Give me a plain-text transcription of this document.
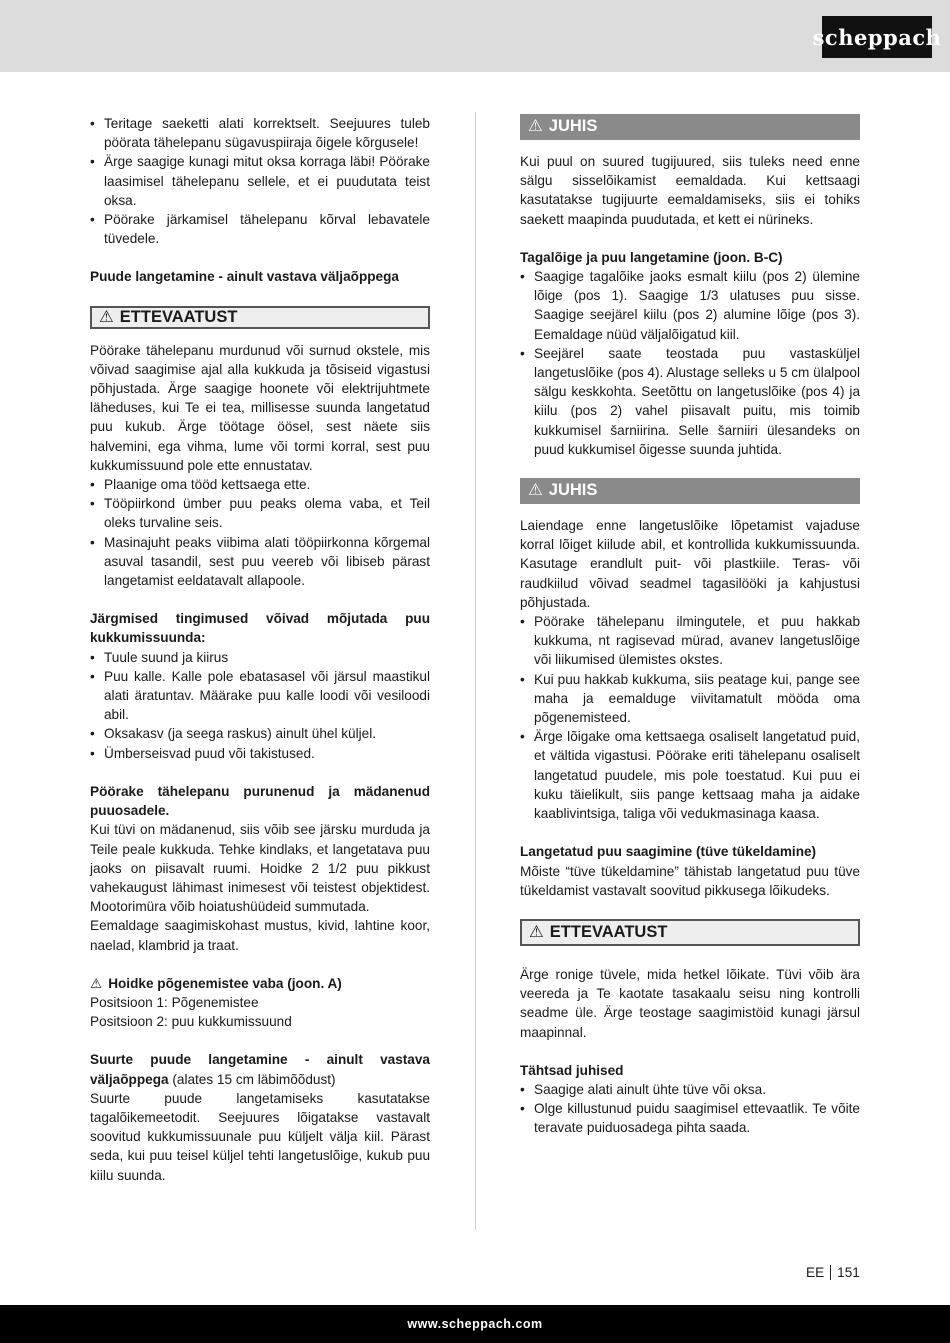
scheppach
• Teritage saeketti alati korrektselt. Seejuures tuleb pöörata tähelepanu sügavuspiiraja õigele kõrgusele!
• Ärge saagige kunagi mitut oksa korraga läbi! Pöörake laasimisel tähelepanu sellele, et ei puudutata teist oksa.
• Pöörake järkamisel tähelepanu kõrval lebavatele tüvedele.

Puude langetamine - ainult vastava väljaõppega

⚠ ETTEVAATUST

Pöörake tähelepanu murdunud või surnud okstele, mis võivad saagimise ajal alla kukkuda ja tõsiseid vigastusi põhjustada. Ärge saagige hoonete või elektrijuhtmete läheduses, kui Te ei tea, millisesse suunda langetatud puu kukub. Ärge töötage öösel, sest näete siis halvemini, ega vihma, lume või tormi korral, sest puu kukkumissuund pole ette ennustatav.

• Plaanige oma tööd kettsaega ette.
• Tööpiirkond ümber puu peaks olema vaba, et Teil oleks turvaline seis.
• Masinajuht peaks viibima alati tööpiirkonna kõrgemal asuval tasandil, sest puu veereb või libiseb pärast langetamist eeldatavalt allapoole.

Järgmised tingimused võivad mõjutada puu kukkumissuunda:

• Tuule suund ja kiirus
• Puu kalle. Kalle pole ebatasasel või järsul maastikul alati äratuntav. Määrake puu kalle loodi või vesiloodi abil.
• Oksakasv (ja seega raskus) ainult ühel küljel.
• Ümberseisvad puud või takistused.

Pöörake tähelepanu purunenud ja mädanenud puuosadele.

Kui tüvi on mädanenud, siis võib see järsku murduda ja Teile peale kukkuda. Tehke kindlaks, et langetatava puu jaoks on piisavalt ruumi. Hoidke 2 1/2 puu pikkust vahekaugust lähimast inimesest või teistest objektidest. Mootorimüra võib hoiatushüüdeid summutada.

Eemaldage saagimiskohast mustus, kivid, lahtine koor, naelad, klambrid ja traat.

⚠ Hoidke põgenemistee vaba (joon. A)

Positsioon 1: Põgenemistee

Positsioon 2: puu kukkumissuund

Suurte puude langetamine - ainult vastava väljaõppega (alates 15 cm läbimõõdust)

Suurte puude langetamiseks kasutatakse tagalõikemeetodit. Seejuures lõigatakse vastavalt soovitud kukkumissuunale puu küljelt välja kiil. Pärast seda, kui puu teisel küljel tehti langetuslõige, kukub puu kiilu suunda.

⚠ JUHIS

Kui puul on suured tugijuured, siis tuleks need enne sälgu sisselõikamist eemaldada. Kui kettsaagi kasutatakse tugijuurte eemaldamiseks, siis ei tohiks saekett maapinda puudutada, et kett ei nürineks.

Tagalõige ja puu langetamine (joon. B-C)

• Saagige tagalõike jaoks esmalt kiilu (pos 2) ülemine lõige (pos 1). Saagige 1/3 ulatuses puu sisse. Saagige seejärel kiilu (pos 2) alumine lõige (pos 3). Eemaldage nüüd väljalõigatud kiil.
• Seejärel saate teostada puu vastasküljel langetuslõike (pos 4). Alustage selleks u 5 cm ülalpool sälgu keskkohta. Seetõttu on langetuslõike (pos 4) ja kiilu (pos 2) vahel piisavalt puitu, mis toimib kukkumisel šarniirina. Selle šarniiri ülesandeks on puud kukkumisel õigesse suunda juhtida.
⚠ JUHIS

Laiendage enne langetuslõike lõpetamist vajaduse korral lõiget kiilude abil, et kontrollida kukkumissuunda. Kasutage erandlult puit- või plastkiile. Teras- või raudkiilud võivad seadmel tagasilööki ja kahjustusi põhjustada.

• Pöörake tähelepanu ilmingutele, et puu hakkab kukkuma, nt ragisevad mürad, avanev langetuslõige või liikumised ülemistes okstes.
• Kui puu hakkab kukkuma, siis peatage kui, pange see maha ja eemalduge viivitamatult mööda oma põgenemisteed.
• Ärge lõigake oma kettsaega osaliselt langetatud puid, et vältida vigastusi. Pöörake eriti tähelepanu osaliselt langetatud puudele, mis pole toestatud. Kui puu ei kuku täielikult, siis pange kettsaag maha ja aidake kaablivintsiga, taliga või vedukmasinaga kaasa.

Langetatud puu saagimine (tüve tükeldamine)

Mõiste “tüve tükeldamine” tähistab langetatud puu tüve tükeldamist vastavalt soovitud pikkusega lõikudeks.

⚠ ETTEVAATUST

Ärge ronige tüvele, mida hetkel lõikate. Tüvi võib ära veereda ja Te kaotate tasakaalu seisu ning kontrolli seadme üle. Ärge teostage saagimistöid kunagi järsul maapinnal.

Tähtsad juhised

• Saagige alati ainult ühte tüve või oksa.
• Olge killustunud puidu saagimisel ettevaatlik. Te võite teravate puiduosadega pihta saada.
EE 151
www.scheppach.com
